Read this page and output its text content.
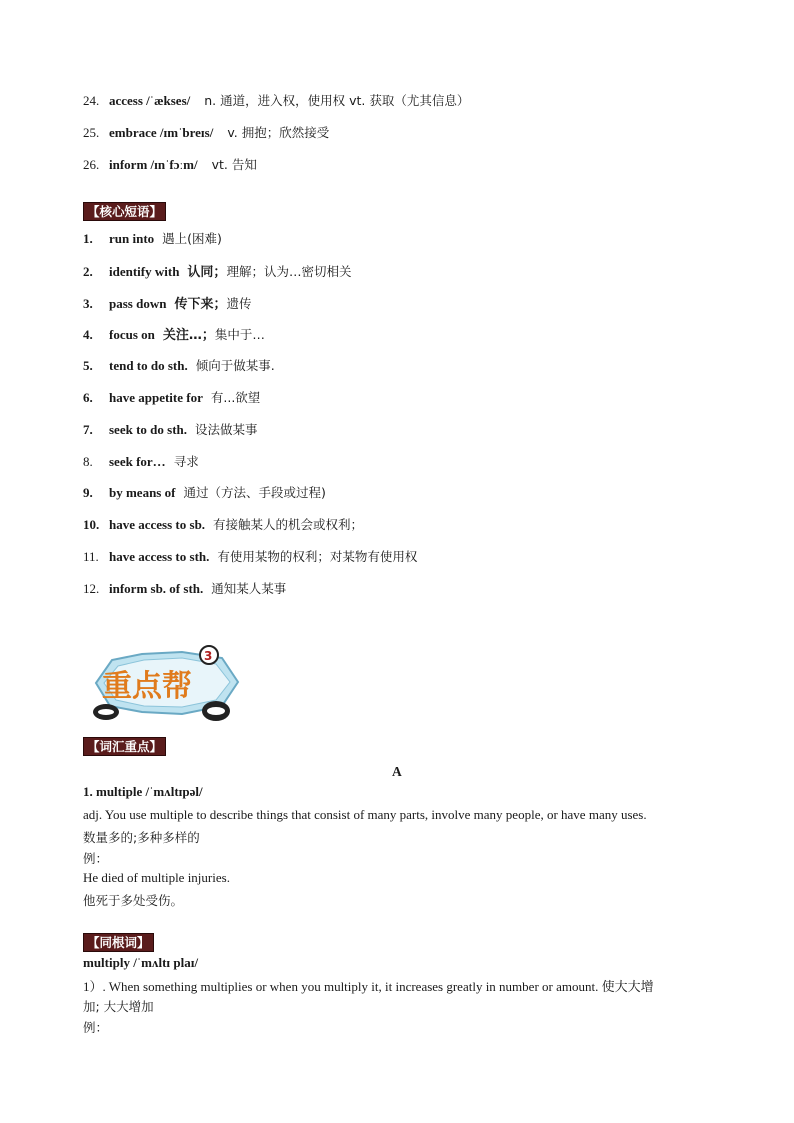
24. access /ˈækses/ n. 通道，进入权，使用权 vt. 获取（尤其信息）
25. embrace /ɪmˈbreɪs/ v. 拥抱；欣然接受
26. inform /ɪnˈfɔːm/ vt. 告知
【核心短语】
1. run into 遇上(困难)
2. identify with 认同；理解；认为…密切相关
3. pass down 传下来；遗传
4. focus on 关注…；集中于…
5. tend to do sth. 倾向于做某事.
6. have appetite for 有...欲望
7. seek to do sth. 设法做某事
8. seek for… 寻求
9. by means of 通过（方法、手段或过程)
10. have access to sb. 有接触某人的机会或权利；
11. have access to sth. 有使用某物的权利；对某物有使用权
12. inform sb. of sth. 通知某人某事
重点帮
3
【词汇重点】
A
1. multiple /ˈmʌltɪpəl/
adj. You use multiple to describe things that consist of many parts, involve many people, or have many uses.
数量多的;多种多样的
例：
He died of multiple injuries.
他死于多处受伤。
【同根词】
multiply /ˈmʌltɪ plaɪ/
1）. When something multiplies or when you multiply it, it increases greatly in number or amount. 使大大增
加; 大大增加
例：
